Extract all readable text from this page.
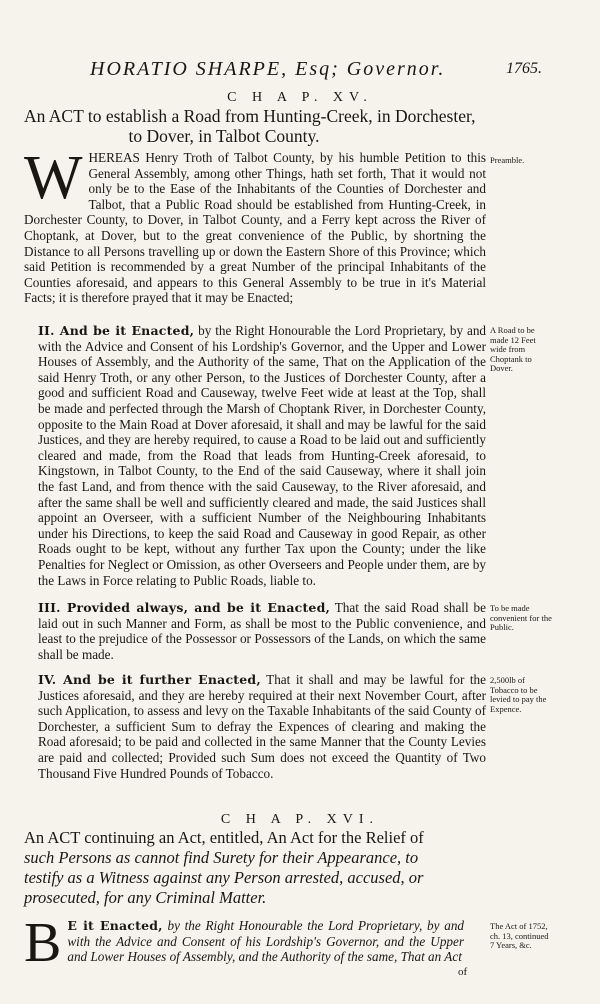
HORATIO SHARPE, Esq; Governor.	1765.
C H A P. XV.
An ACT to establish a Road from Hunting-Creek, in Dorchester,
to Dover, in Talbot County.
W HEREAS Henry Troth of Talbot County, by his humble Petition to this General Assembly, among other Things, hath set forth, That it would not only be to the Ease of the Inhabitants of the Counties of Dorchester and Talbot, that a Public Road should be established from Hunting-Creek, in Dorchester County, to Dover, in Talbot County, and a Ferry kept across the River of Choptank, at Dover, but to the great convenience of the Public, by shortning the Distance to all Persons travelling up or down the Eastern Shore of this Province; which said Petition is recommended by a great Number of the principal Inhabitants of the Counties aforesaid, and appears to this General Assembly to be true in it's Material Facts; it is therefore prayed that it may be Enacted;
II. And be it Enacted, by the Right Honourable the Lord Proprietary, by and with the Advice and Consent of his Lordship's Governor, and the Upper and Lower Houses of Assembly, and the Authority of the same, That on the Application of the said Henry Troth, or any other Person, to the Justices of Dorchester County, after a good and sufficient Road and Causeway, twelve Feet wide at least at the Top, shall be made and perfected through the Marsh of Choptank River, in Dorchester County, opposite to the Main Road at Dover aforesaid, it shall and may be lawful for the said Justices, and they are hereby required, to cause a Road to be laid out and sufficiently cleared and made, from the Road that leads from Hunting-Creek aforesaid, to Kingstown, in Talbot County, to the End of the said Causeway, where it shall join the fast Land, and from thence with the said Causeway, to the River aforesaid, and after the same shall be well and sufficiently cleared and made, the said Justices shall appoint an Overseer, with a sufficient Number of the Neighbouring Inhabitants under his Directions, to keep the said Road and Causeway in good Repair, as other Roads ought to be kept, without any further Tax upon the County; under the like Penalties for Neglect or Omission, as other Overseers and People under them, are by the Laws in Force relating to Public Roads, liable to.
III. Provided always, and be it Enacted, That the said Road shall be laid out in such Manner and Form, as shall be most to the Public convenience, and least to the prejudice of the Possessor or Possessors of the Lands, on which the same shall be made.
IV. And be it further Enacted, That it shall and may be lawful for the Justices aforesaid, and they are hereby required at their next November Court, after such Application, to assess and levy on the Taxable Inhabitants of the said County of Dorchester, a sufficient Sum to defray the Expences of clearing and making the Road aforesaid; to be paid and collected in the same Manner that the County Levies are paid and collected; Provided such Sum does not exceed the Quantity of Two Thousand Five Hundred Pounds of Tobacco.
C H A P. XVI.
An ACT continuing an Act, entitled, An Act for the Relief of
such Persons as cannot find Surety for their Appearance, to
testify as a Witness against any Person arrested, accused, or
prosecuted, for any Criminal Matter.
B E it Enacted, by the Right Honourable the Lord Proprietary, by and with the Advice and Consent of his Lordship's Governor, and the Upper and Lower Houses of Assembly, and the Authority of the same, That an Act
of
Preamble.
A Road to be made 12 Feet wide from Choptank to Dover.
To be made convenient for the Public.
2,500lb of Tobacco to be levied to pay the Expence.
The Act of 1752, ch. 13, continued 7 Years, &c.
